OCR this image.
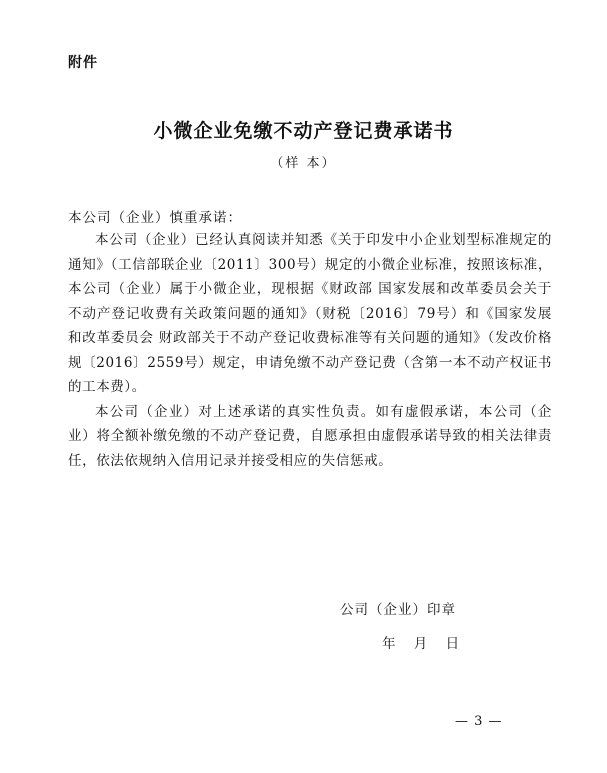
附件
小微企业免缴不动产登记费承诺书
（样 本）
本公司（企业）慎重承诺：

本公司（企业）已经认真阅读并知悉《关于印发中小企业划型标准规定的通知》（工信部联企业〔2011〕300号）规定的小微企业标准，按照该标准，本公司（企业）属于小微企业，现根据《财政部 国家发展和改革委员会关于不动产登记收费有关政策问题的通知》（财税〔2016〕79号）和《国家发展和改革委员会 财政部关于不动产登记收费标准等有关问题的通知》（发改价格规〔2016〕2559号）规定，申请免缴不动产登记费（含第一本不动产权证书的工本费）。

本公司（企业）对上述承诺的真实性负责。如有虚假承诺，本公司（企业）将全额补缴免缴的不动产登记费，自愿承担由虚假承诺导致的相关法律责任，依法依规纳入信用记录并接受相应的失信惩戒。

公司（企业）印章
年 月 日
— 3 —
